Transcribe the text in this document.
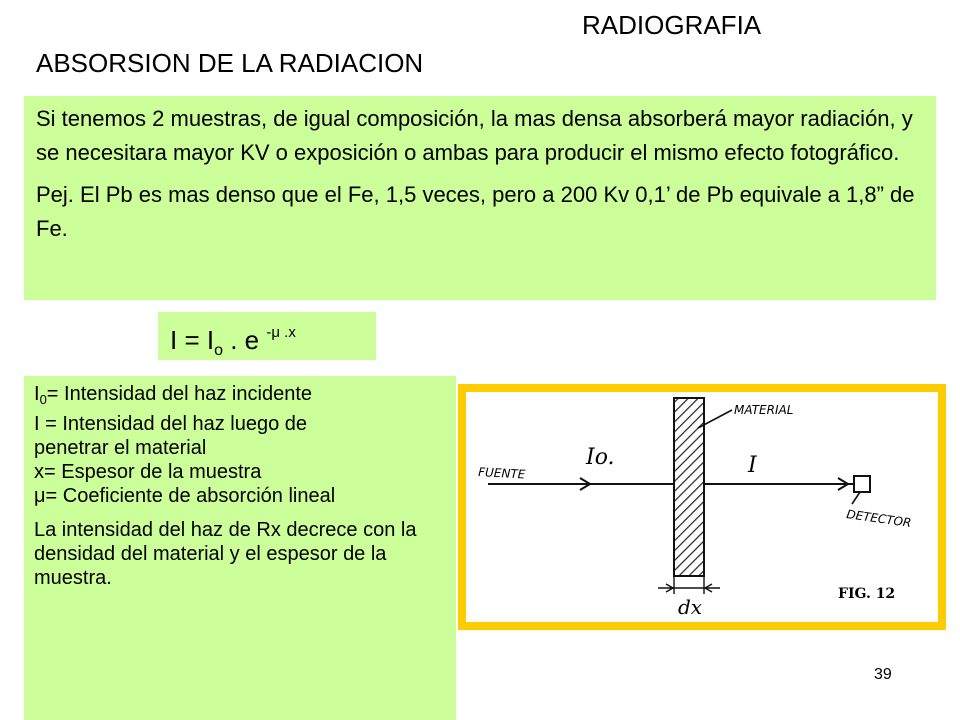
RADIOGRAFIA
ABSORSION DE LA RADIACION

Si tenemos 2 muestras, de igual composición, la mas densa absorberá mayor radiación, y se necesitara mayor KV o exposición o ambas para producir el mismo efecto fotográfico.

Pej. El Pb es mas denso que el Fe, 1,5 veces, pero a 200 Kv 0,1’ de Pb equivale a 1,8” de Fe.

$I = I_o$ . e $^{-\mu .x}$
$I_0=$ Intensidad del haz incidente
I = Intensidad del haz luego de
penetrar el material
x= Espesor de la muestra
μ= Coeficiente de absorción lineal
La intensidad del haz de Rx decrece con la densidad del material y el espesor de la muestra.
MATERIAL
FUENTE
Io.	I
DETECTOR
dx
FIG. 12
39
